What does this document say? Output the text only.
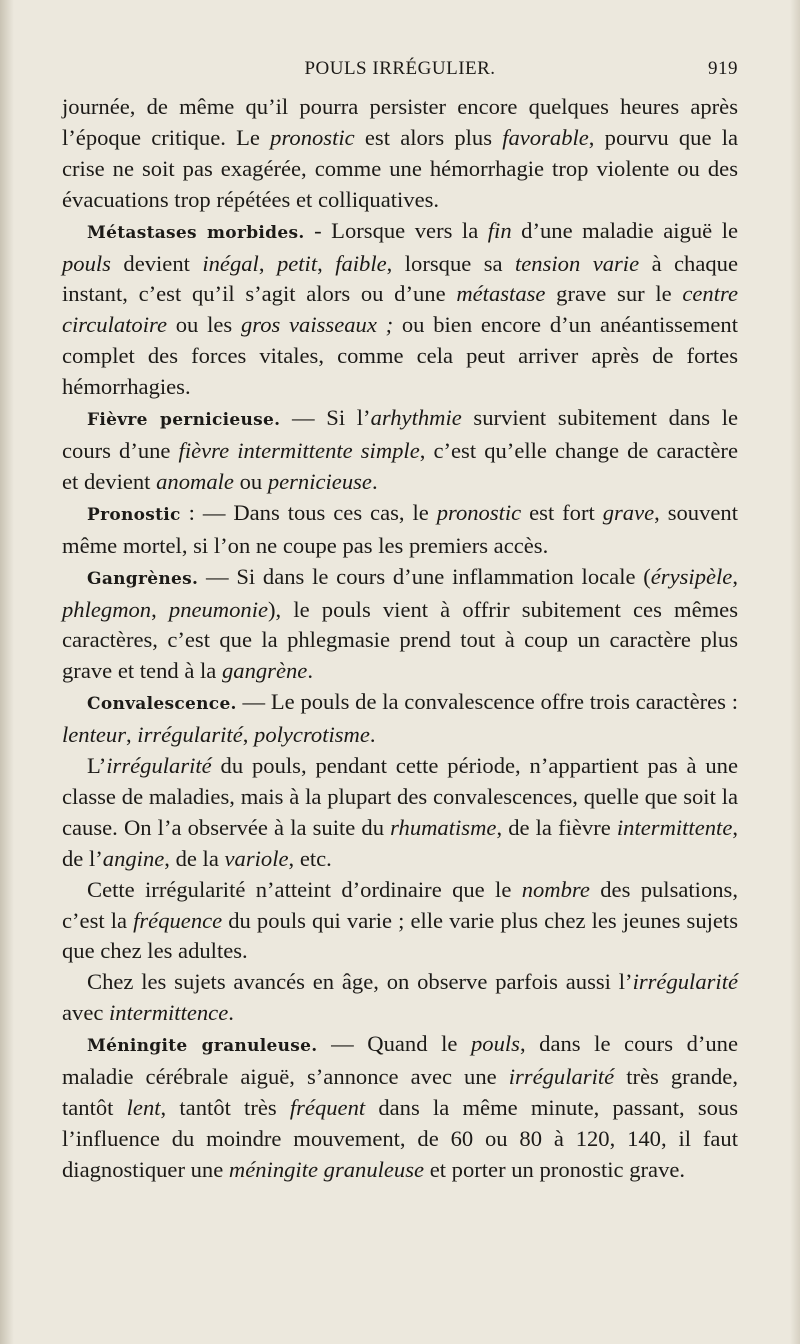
POULS IRRÉGULIER.	919

journée, de même qu’il pourra persister encore quelques heures après l’époque critique. Le pronostic est alors plus favorable, pourvu que la crise ne soit pas exagérée, comme une hémorrhagie trop violente ou des évacuations trop répétées et colliquatives.

Métastases morbides. - Lorsque vers la fin d’une maladie aiguë le pouls devient inégal, petit, faible, lorsque sa tension varie à chaque instant, c’est qu’il s’agit alors ou d’une métastase grave sur le centre circulatoire ou les gros vaisseaux ; ou bien encore d’un anéantissement complet des forces vitales, comme cela peut arriver après de fortes hémorrhagies.

Fièvre pernicieuse. — Si l’arhythmie survient subitement dans le cours d’une fièvre intermittente simple, c’est qu’elle change de caractère et devient anomale ou pernicieuse.

Pronostic : — Dans tous ces cas, le pronostic est fort grave, souvent même mortel, si l’on ne coupe pas les premiers accès.

Gangrènes. — Si dans le cours d’une inflammation locale (érysipèle, phlegmon, pneumonie), le pouls vient à offrir subitement ces mêmes caractères, c’est que la phlegmasie prend tout à coup un caractère plus grave et tend à la gangrène.

Convalescence. — Le pouls de la convalescence offre trois caractères : lenteur, irrégularité, polycrotisme.

L’irrégularité du pouls, pendant cette période, n’appartient pas à une classe de maladies, mais à la plupart des convalescences, quelle que soit la cause. On l’a observée à la suite du rhumatisme, de la fièvre intermittente, de l’angine, de la variole, etc.

Cette irrégularité n’atteint d’ordinaire que le nombre des pulsations, c’est la fréquence du pouls qui varie ; elle varie plus chez les jeunes sujets que chez les adultes.

Chez les sujets avancés en âge, on observe parfois aussi l’irrégularité avec intermittence.

Méningite granuleuse. — Quand le pouls, dans le cours d’une maladie cérébrale aiguë, s’annonce avec une irrégularité très grande, tantôt lent, tantôt très fréquent dans la même minute, passant, sous l’influence du moindre mouvement, de 60 ou 80 à 120, 140, il faut diagnostiquer une méningite granuleuse et porter un pronostic grave.
